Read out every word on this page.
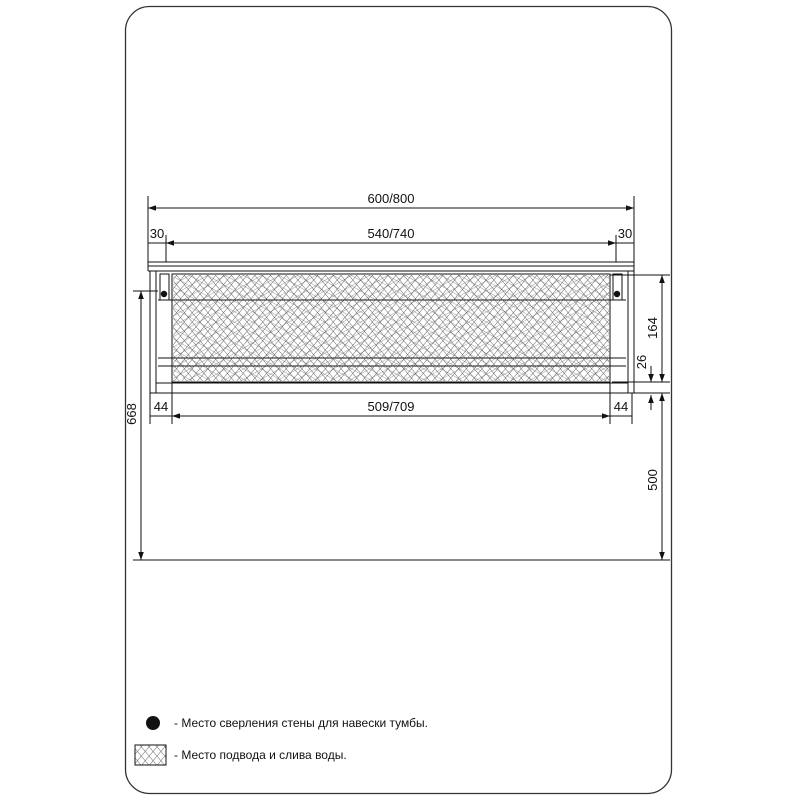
600/800
540/740
30	30
509/709
44	44
668
164
26
500
- Место сверления стены для навески тумбы.
- Место подвода и слива воды.
